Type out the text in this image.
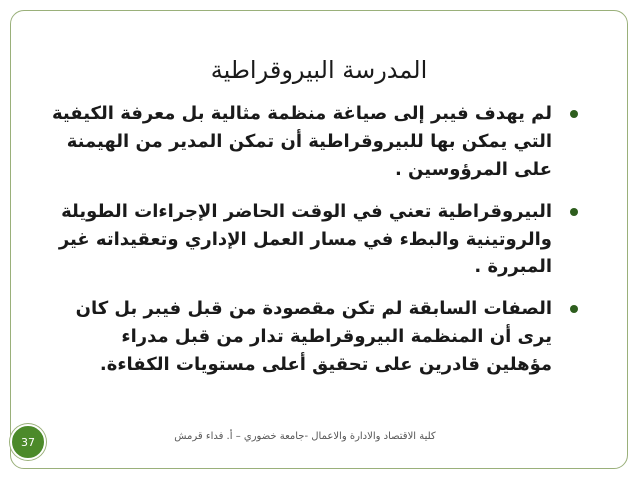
المدرسة البيروقراطية
لم يهدف فيبر إلى صياغة منظمة مثالية بل معرفة الكيفية التي يمكن بها للبيروقراطية أن تمكن المدير من الهيمنة على المرؤوسين .
البيروقراطية تعني في الوقت الحاضر الإجراءات الطويلة والروتينية والبطء في مسار العمل الإداري وتعقيداته غير المبررة .
الصفات السابقة لم تكن مقصودة من قبل فيبر بل كان يرى أن المنظمة البيروقراطية تدار من قبل مدراء مؤهلين قادرين على تحقيق أعلى مستويات الكفاءة.
كلية الاقتصاد والادارة والاعمال -جامعة خضوري – أ. فداء قرمش
37
